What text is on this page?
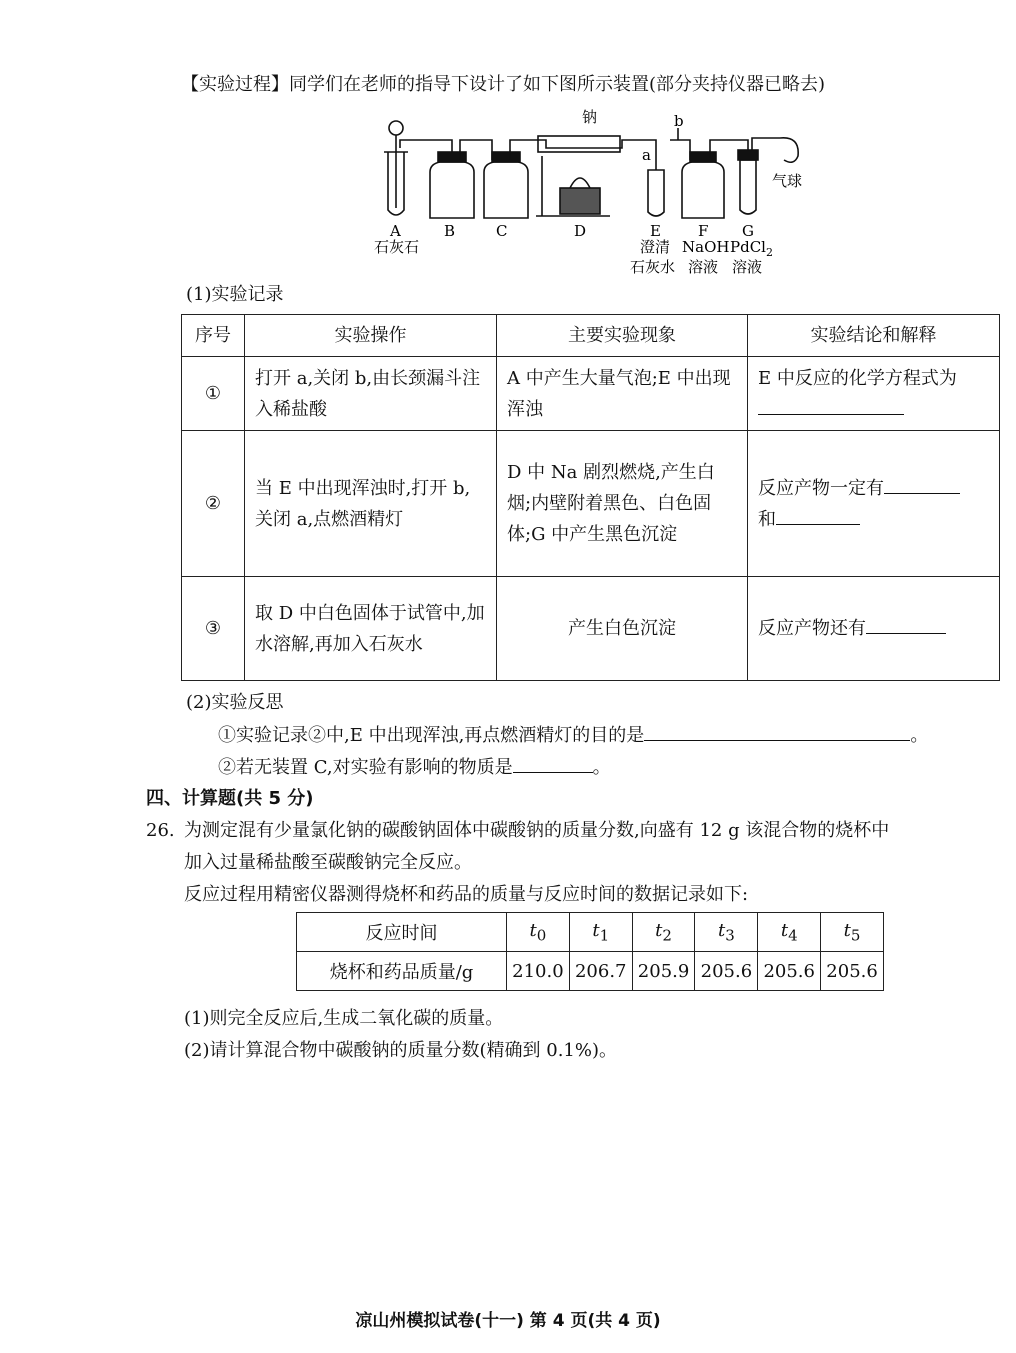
【实验过程】同学们在老师的指导下设计了如下图所示装置(部分夹持仪器已略去)
钠
a
b
气球
A	B	C	D	E F G
石灰石	澄清
石灰水
NaOH
溶液
PdCl$_2$
溶液
(1)实验记录
序号	实验操作	主要实验现象	实验结论和解释
①	打开 a,关闭 b,由长颈漏斗注入稀盐酸	A 中产生大量气泡;E 中出现浑浊	E 中反应的化学方程式为

②	当 E 中出现浑浊时,打开 b,关闭 a,点燃酒精灯	D 中 Na 剧烈燃烧,产生白烟;内壁附着黑色、白色固体;G 中产生黑色沉淀	反应产物一定有
和
③	取 D 中白色固体于试管中,加水溶解,再加入石灰水	产生白色沉淀	反应产物还有
(2)实验反思
①实验记录②中,E 中出现浑浊,再点燃酒精灯的目的是	。
②若无装置 C,对实验有影响的物质是	。
四、计算题(共 5 分)
26. 为测定混有少量氯化钠的碳酸钠固体中碳酸钠的质量分数,向盛有 12 g 该混合物的烧杯中
加入过量稀盐酸至碳酸钠完全反应。
反应过程用精密仪器测得烧杯和药品的质量与反应时间的数据记录如下:
反应时间	$t_0$	$t_1$	$t_2$	$t_3$	$t_4$	$t_5$
烧杯和药品质量/g	210.0	206.7	205.9	205.6	205.6	205.6
(1)则完全反应后,生成二氧化碳的质量。
(2)请计算混合物中碳酸钠的质量分数(精确到 0.1%)。
凉山州模拟试卷(十一) 第 4 页(共 4 页)
